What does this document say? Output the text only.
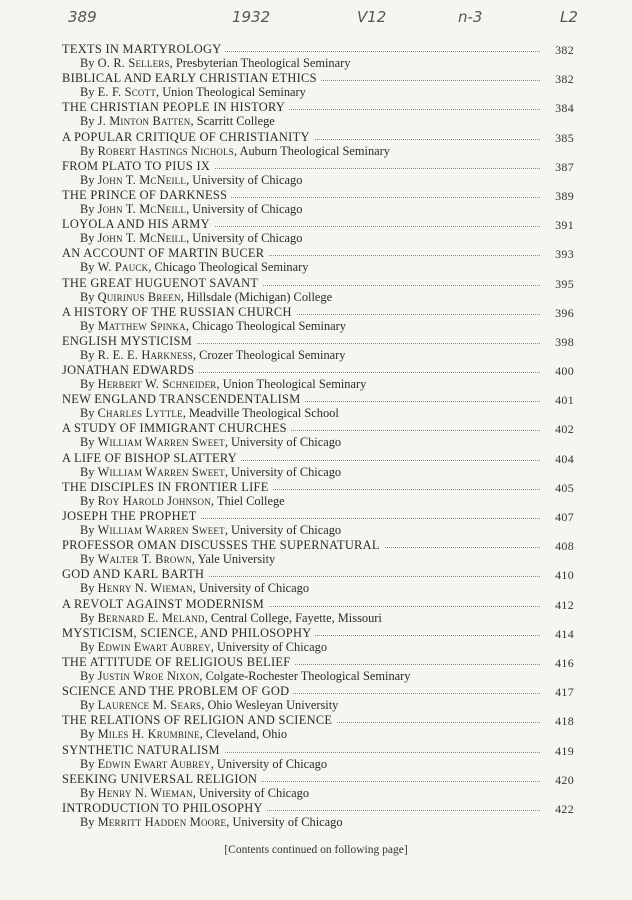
389	1932	V12	n-3	L2
TEXTS IN MARTYROLOGY	382
By O. R. Sellers, Presbyterian Theological Seminary
BIBLICAL AND EARLY CHRISTIAN ETHICS	382
By E. F. Scott, Union Theological Seminary
THE CHRISTIAN PEOPLE IN HISTORY	384
By J. Minton Batten, Scarritt College
A POPULAR CRITIQUE OF CHRISTIANITY	385
By Robert Hastings Nichols, Auburn Theological Seminary
FROM PLATO TO PIUS IX	387
By John T. McNeill, University of Chicago
THE PRINCE OF DARKNESS	389
By John T. McNeill, University of Chicago
LOYOLA AND HIS ARMY	391
By John T. McNeill, University of Chicago
AN ACCOUNT OF MARTIN BUCER	393
By W. Pauck, Chicago Theological Seminary
THE GREAT HUGUENOT SAVANT	395
By Quirinus Breen, Hillsdale (Michigan) College
A HISTORY OF THE RUSSIAN CHURCH	396
By Matthew Spinka, Chicago Theological Seminary
ENGLISH MYSTICISM	398
By R. E. E. Harkness, Crozer Theological Seminary
JONATHAN EDWARDS	400
By Herbert W. Schneider, Union Theological Seminary
NEW ENGLAND TRANSCENDENTALISM	401
By Charles Lyttle, Meadville Theological School
A STUDY OF IMMIGRANT CHURCHES	402
By William Warren Sweet, University of Chicago
A LIFE OF BISHOP SLATTERY	404
By William Warren Sweet, University of Chicago
THE DISCIPLES IN FRONTIER LIFE	405
By Roy Harold Johnson, Thiel College
JOSEPH THE PROPHET	407
By William Warren Sweet, University of Chicago
PROFESSOR OMAN DISCUSSES THE SUPERNATURAL	408
By Walter T. Brown, Yale University
GOD AND KARL BARTH	410
By Henry N. Wieman, University of Chicago
A REVOLT AGAINST MODERNISM	412
By Bernard E. Meland, Central College, Fayette, Missouri
MYSTICISM, SCIENCE, AND PHILOSOPHY	414
By Edwin Ewart Aubrey, University of Chicago
THE ATTITUDE OF RELIGIOUS BELIEF	416
By Justin Wroe Nixon, Colgate-Rochester Theological Seminary
SCIENCE AND THE PROBLEM OF GOD	417
By Laurence M. Sears, Ohio Wesleyan University
THE RELATIONS OF RELIGION AND SCIENCE	418
By Miles H. Krumbine, Cleveland, Ohio
SYNTHETIC NATURALISM	419
By Edwin Ewart Aubrey, University of Chicago
SEEKING UNIVERSAL RELIGION	420
By Henry N. Wieman, University of Chicago
INTRODUCTION TO PHILOSOPHY	422
By Merritt Hadden Moore, University of Chicago
[Contents continued on following page]
